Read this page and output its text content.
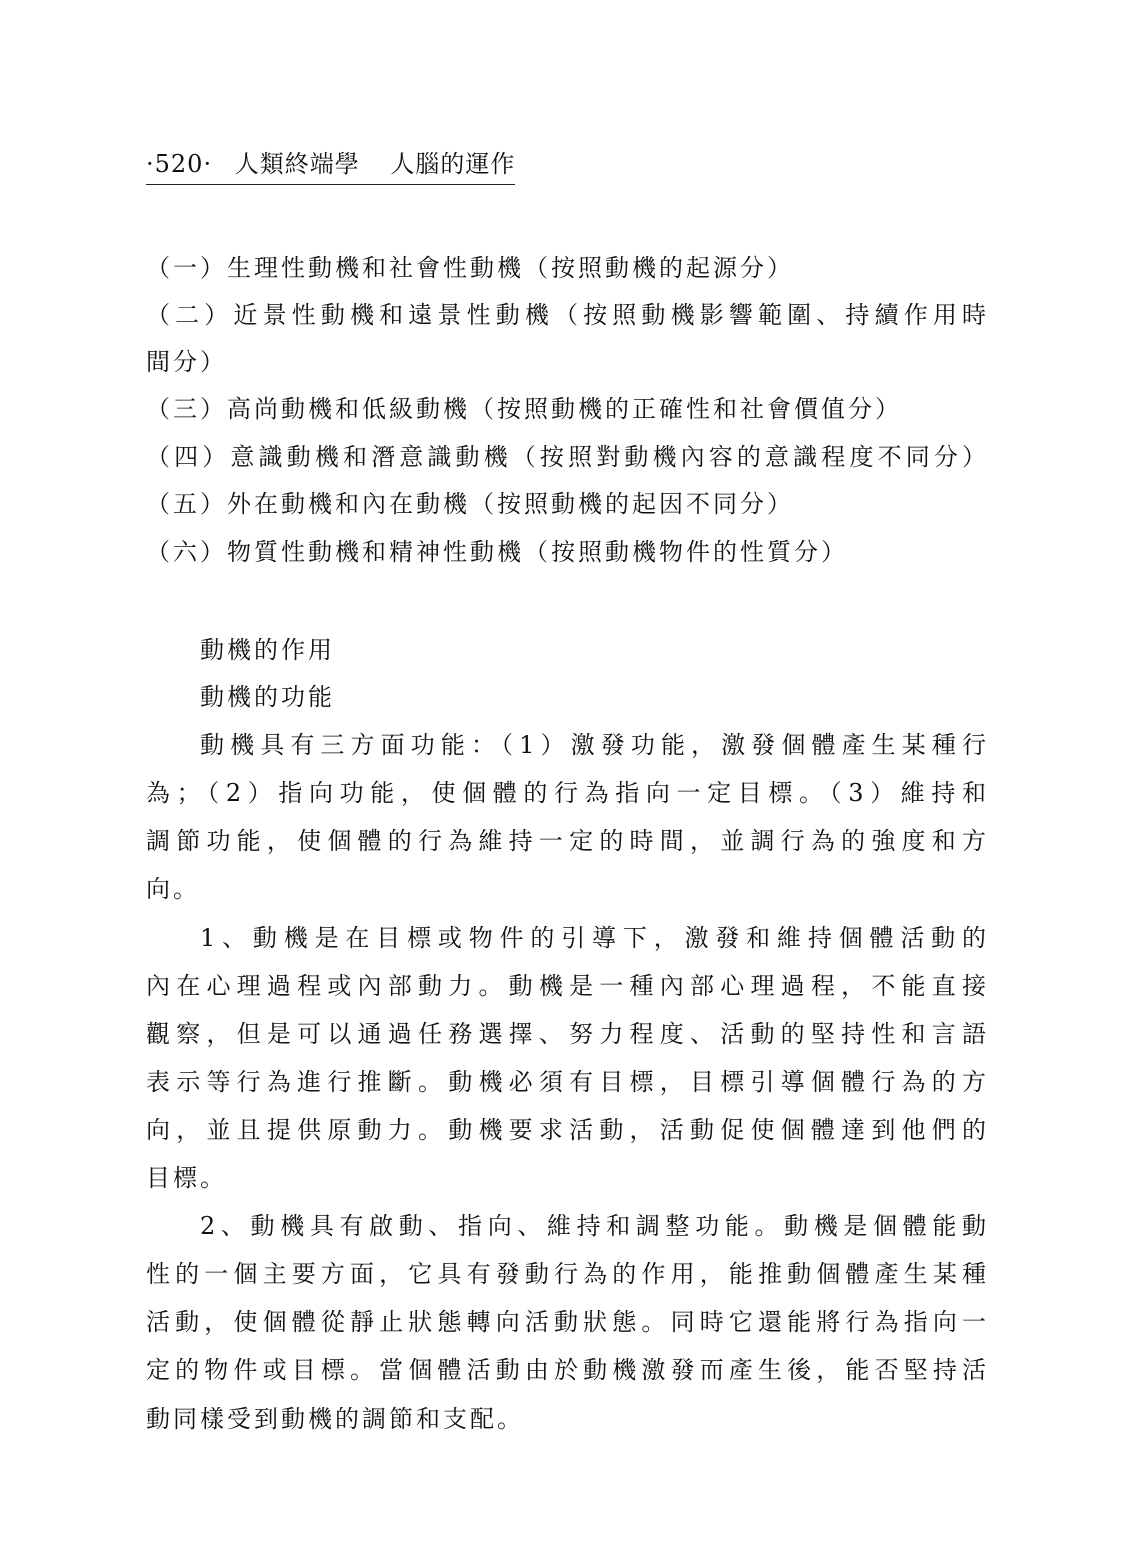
·520· 人類終端學 人腦的運作
（一）生理性動機和社會性動機（按照動機的起源分）
（二）近景性動機和遠景性動機（按照動機影響範圍、持續作用時
間分）
（三）高尚動機和低級動機（按照動機的正確性和社會價值分）
（四）意識動機和潛意識動機（按照對動機內容的意識程度不同分）
（五）外在動機和內在動機（按照動機的起因不同分）
（六）物質性動機和精神性動機（按照動機物件的性質分）
動機的作用
動機的功能
動機具有三方面功能：（1）激發功能，激發個體產生某種行
為；（2）指向功能，使個體的行為指向一定目標。（3）維持和
調節功能，使個體的行為維持一定的時間，並調行為的強度和方
向。
1、動機是在目標或物件的引導下，激發和維持個體活動的
內在心理過程或內部動力。動機是一種內部心理過程，不能直接
觀察，但是可以通過任務選擇、努力程度、活動的堅持性和言語
表示等行為進行推斷。動機必須有目標，目標引導個體行為的方
向，並且提供原動力。動機要求活動，活動促使個體達到他們的
目標。
2、動機具有啟動、指向、維持和調整功能。動機是個體能動
性的一個主要方面，它具有發動行為的作用，能推動個體產生某種
活動，使個體從靜止狀態轉向活動狀態。同時它還能將行為指向一
定的物件或目標。當個體活動由於動機激發而產生後，能否堅持活
動同樣受到動機的調節和支配。
